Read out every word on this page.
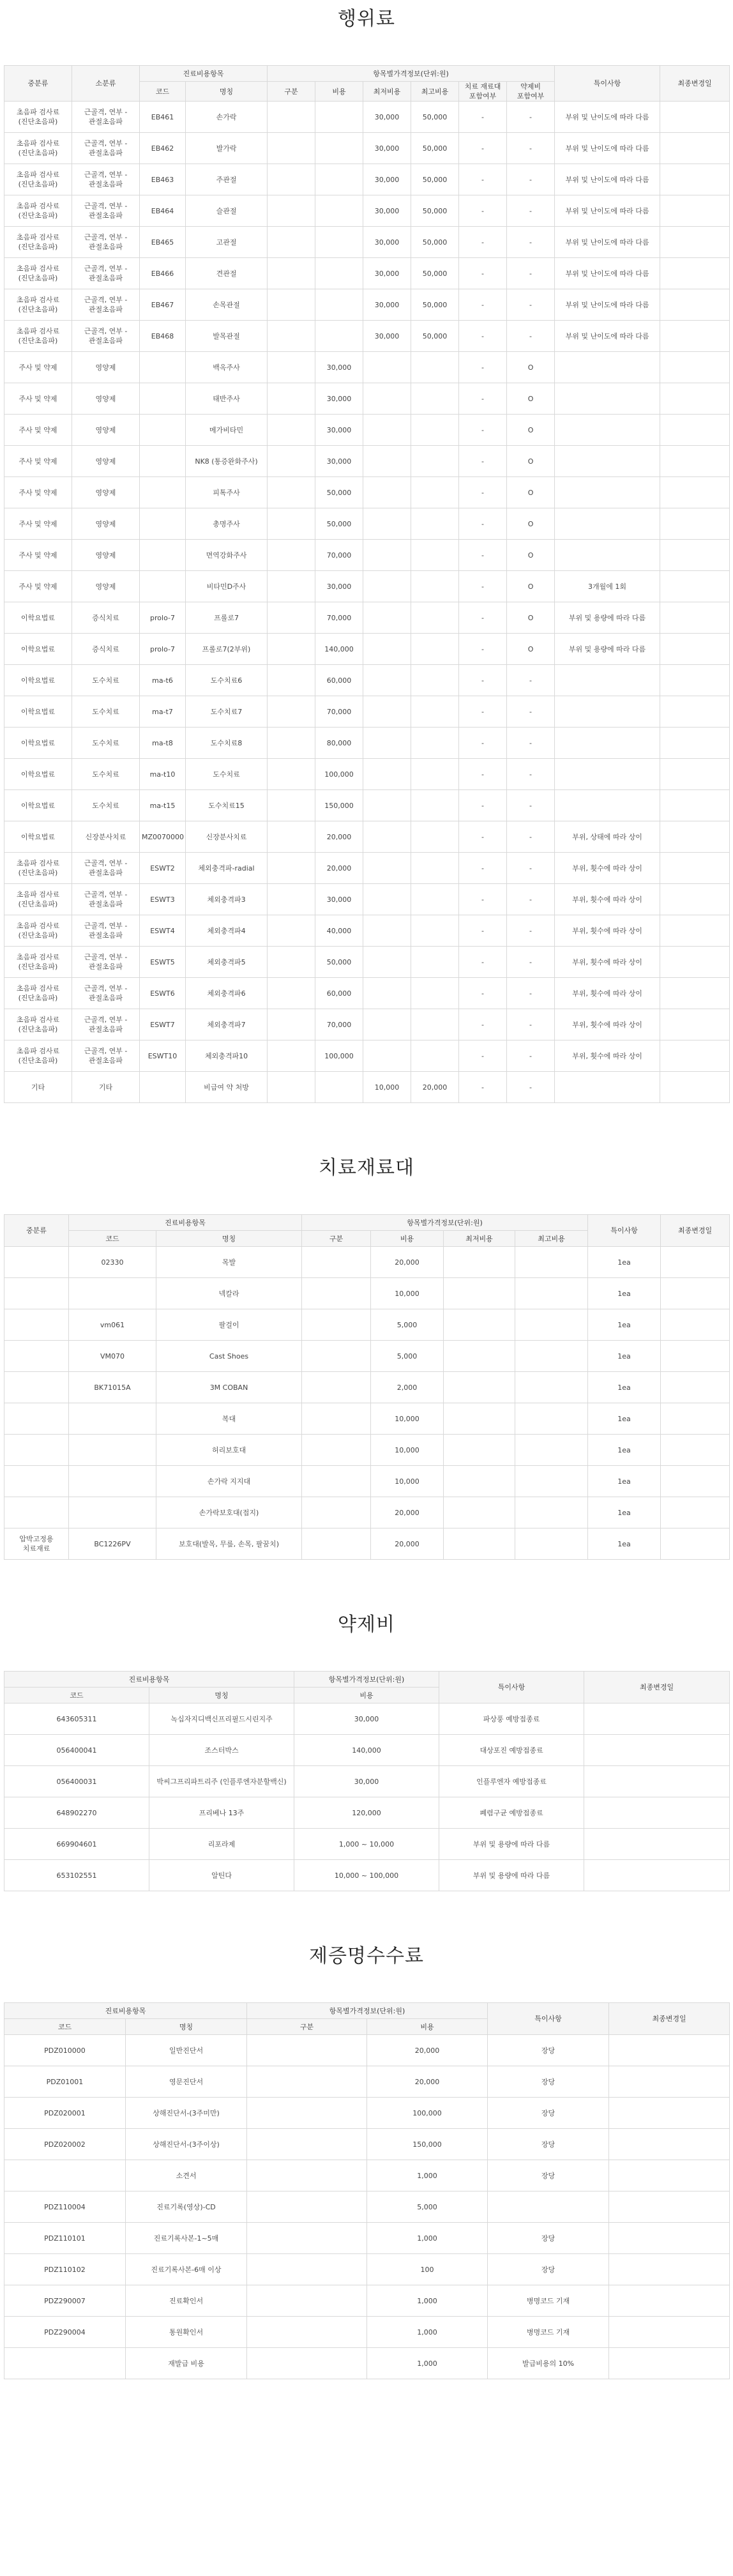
행위료
중분류	소분류	진료비용항목		항목별가격정보(단위:원)						특이사항	최종변경일
		코드	명칭	구분	비용	최저비용	최고비용	치료 재료대 포함여부	약제비 포함여부		
초음파 검사료 (진단초음파)	근골격, 연부 -관절초음파	EB461	손가락			30,000	50,000	-	-	부위 및 난이도에 따라 다름	
초음파 검사료 (진단초음파)	근골격, 연부 -관절초음파	EB462	발가락			30,000	50,000	-	-	부위 및 난이도에 따라 다름	
초음파 검사료 (진단초음파)	근골격, 연부 -관절초음파	EB463	주관절			30,000	50,000	-	-	부위 및 난이도에 따라 다름	
초음파 검사료 (진단초음파)	근골격, 연부 -관절초음파	EB464	슬관절			30,000	50,000	-	-	부위 및 난이도에 따라 다름	
초음파 검사료 (진단초음파)	근골격, 연부 -관절초음파	EB465	고관절			30,000	50,000	-	-	부위 및 난이도에 따라 다름	
초음파 검사료 (진단초음파)	근골격, 연부 -관절초음파	EB466	견관절			30,000	50,000	-	-	부위 및 난이도에 따라 다름	
초음파 검사료 (진단초음파)	근골격, 연부 -관절초음파	EB467	손목관절			30,000	50,000	-	-	부위 및 난이도에 따라 다름	
초음파 검사료 (진단초음파)	근골격, 연부 -관절초음파	EB468	발목관절			30,000	50,000	-	-	부위 및 난이도에 따라 다름	
주사 및 약제	영양제		백옥주사		30,000			-	O		
주사 및 약제	영양제		태반주사		30,000			-	O		
주사 및 약제	영양제		메가비타민		30,000			-	O		
주사 및 약제	영양제		NK8 (통증완화주사)		30,000			-	O		
주사 및 약제	영양제		피톡주사		50,000			-	O		
주사 및 약제	영양제		총명주사		50,000			-	O		
주사 및 약제	영양제		면역강화주사		70,000			-	O		
주사 및 약제	영양제		비타민D주사		30,000			-	O	3개월에 1회	
이학요법료	증식치료	prolo-7	프롤로7		70,000			-	O	부위 및 용량에 따라 다름	
이학요법료	증식치료	prolo-7	프롤로7(2부위)		140,000			-	O	부위 및 용량에 따라 다름	
이학요법료	도수치료	ma-t6	도수치료6		60,000			-	-		
이학요법료	도수치료	ma-t7	도수치료7		70,000			-	-		
이학요법료	도수치료	ma-t8	도수치료8		80,000			-	-		
이학요법료	도수치료	ma-t10	도수치료		100,000			-	-		
이학요법료	도수치료	ma-t15	도수치료15		150,000			-	-		
이학요법료	신장분사치료	MZ0070000	신장분사치료		20,000			-	-	부위, 상태에 따라 상이	
초음파 검사료 (진단초음파)	근골격, 연부 -관절초음파	ESWT2	체외충격파-radial		20,000			-	-	부위, 횟수에 따라 상이	
초음파 검사료 (진단초음파)	근골격, 연부 -관절초음파	ESWT3	체외충격파3		30,000			-	-	부위, 횟수에 따라 상이	
초음파 검사료 (진단초음파)	근골격, 연부 -관절초음파	ESWT4	체외충격파4		40,000			-	-	부위, 횟수에 따라 상이	
초음파 검사료 (진단초음파)	근골격, 연부 -관절초음파	ESWT5	체외충격파5		50,000			-	-	부위, 횟수에 따라 상이	
초음파 검사료 (진단초음파)	근골격, 연부 -관절초음파	ESWT6	체외충격파6		60,000			-	-	부위, 횟수에 따라 상이	
초음파 검사료 (진단초음파)	근골격, 연부 -관절초음파	ESWT7	체외충격파7		70,000			-	-	부위, 횟수에 따라 상이	
초음파 검사료 (진단초음파)	근골격, 연부 -관절초음파	ESWT10	체외충격파10		100,000			-	-	부위, 횟수에 따라 상이	
기타	기타		비급여 약 처방			10,000	20,000	-	-		
치료재료대
중분류	진료비용항목		항목별가격정보(단위:원)				특이사항	최종변경일
	코드	명칭	구분	비용	최저비용	최고비용		
	02330	목발		20,000			1ea	
		넥칼라		10,000			1ea	
	vm061	팔걸이		5,000			1ea	
	VM070	Cast Shoes		5,000			1ea	
	BK71015A	3M COBAN		2,000			1ea	
		복대		10,000			1ea	
		허리보호대		10,000			1ea	
		손가락 지지대		10,000			1ea	
		손가락보호대(접지)		20,000			1ea	
압박고정용 치료재료	BC1226PV	보호대(발목, 무릎, 손목, 팔꿈치)		20,000			1ea	
약제비
진료비용항목		항목별가격정보(단위:원)	특이사항	최종변경일
코드	명칭	비용		
643605311	녹십자지디백신프리필드시린지주	30,000	파상풍 예방접종료	
056400041	조스터박스	140,000	대상포진 예방접종료	
056400031	박씨그프리파트리주 (인플루엔자분할백신)	30,000	인플루엔자 예방접종료	
648902270	프리베나 13주	120,000	폐렴구균 예방접종료	
669904601	리포라제	1,000 ~ 10,000	부위 및 용량에 따라 다름	
653102551	알틴다	10,000 ~ 100,000	부위 및 용량에 따라 다름	
제증명수수료
진료비용항목		항목별가격정보(단위:원)		특이사항	최종변경일
코드	명칭	구분	비용		
PDZ010000	일반진단서		20,000	장당	
PDZ01001	영문진단서		20,000	장당	
PDZ020001	상해진단서-(3주미만)		100,000	장당	
PDZ020002	상해진단서-(3주이상)		150,000	장당	
	소견서		1,000	장당	
PDZ110004	진료기록(영상)-CD		5,000		
PDZ110101	진료기록사본-1~5매		1,000	장당	
PDZ110102	진료기록사본-6매 이상		100	장당	
PDZ290007	진료확인서		1,000	병명코드 기재	
PDZ290004	통원확인서		1,000	병명코드 기재	
	재발급 비용		1,000	발급비용의 10%	
